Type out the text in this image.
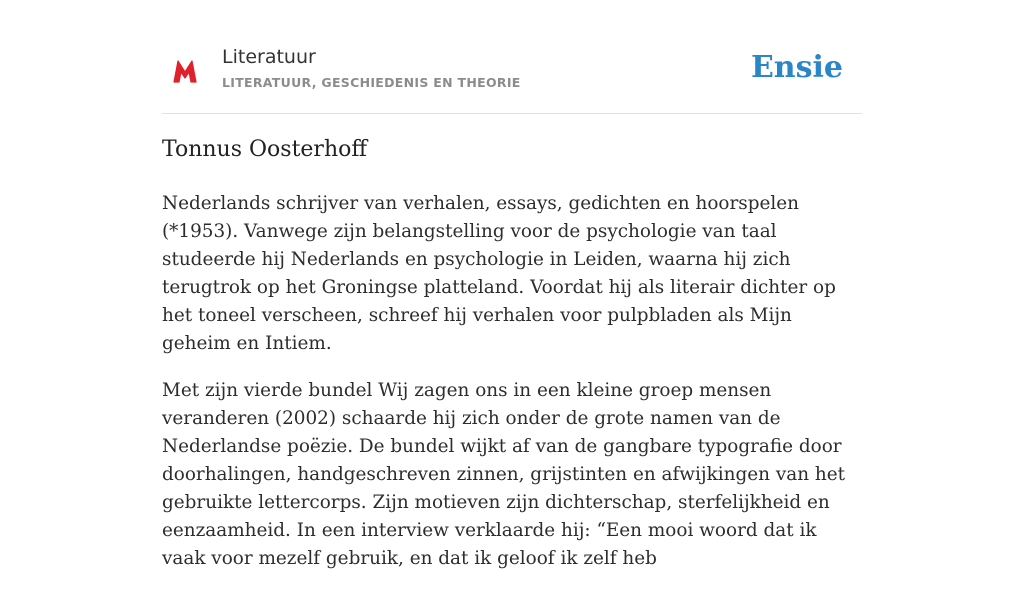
Literatuur
LITERATUUR, GESCHIEDENIS EN THEORIE	Ensie
Tonnus Oosterhoff

Nederlands schrijver van verhalen, essays, gedichten en hoorspelen (*1953). Vanwege zijn belangstelling voor de psychologie van taal studeerde hij Nederlands en psychologie in Leiden, waarna hij zich terugtrok op het Groningse platteland. Voordat hij als literair dichter op het toneel verscheen, schreef hij verhalen voor pulpbladen als Mijn geheim en Intiem.

Met zijn vierde bundel Wij zagen ons in een kleine groep mensen veranderen (2002) schaarde hij zich onder de grote namen van de Nederlandse poëzie. De bundel wijkt af van de gangbare typografie door doorhalingen, handgeschreven zinnen, grijstinten en afwijkingen van het gebruikte lettercorps. Zijn motieven zijn dichterschap, sterfelijkheid en eenzaamheid. In een interview verklaarde hij: “Een mooi woord dat ik vaak voor mezelf gebruik, en dat ik geloof ik zelf heb
